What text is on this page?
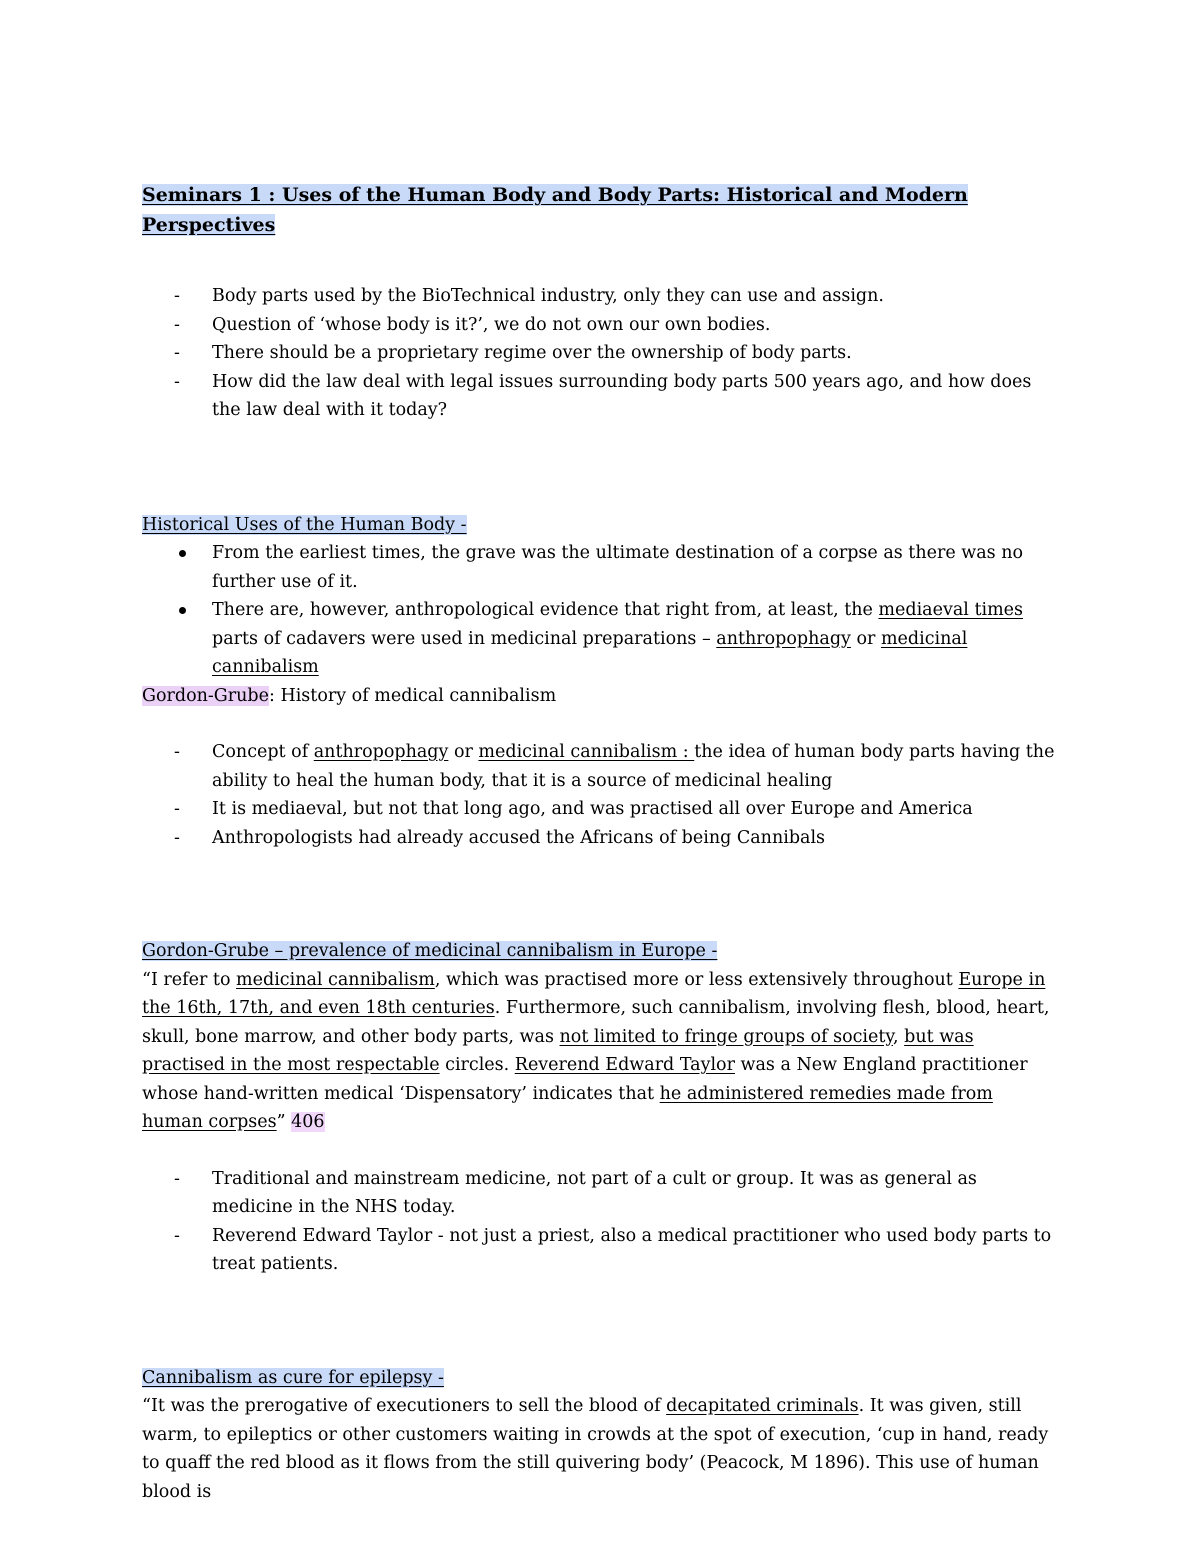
Seminars 1 : Uses of the Human Body and Body Parts: Historical and Modern Perspectives

- Body parts used by the BioTechnical industry, only they can use and assign.
- Question of ‘whose body is it?’, we do not own our own bodies.
- There should be a proprietary regime over the ownership of body parts.
- How did the law deal with legal issues surrounding body parts 500 years ago, and how does the law deal with it today?

Historical Uses of the Human Body -

From the earliest times, the grave was the ultimate destination of a corpse as there was no further use of it.
There are, however, anthropological evidence that right from, at least, the mediaeval times parts of cadavers were used in medicinal preparations – anthropophagy or medicinal cannibalism

Gordon-Grube: History of medical cannibalism

- Concept of anthropophagy or medicinal cannibalism : the idea of human body parts having the ability to heal the human body, that it is a source of medicinal healing
- It is mediaeval, but not that long ago, and was practised all over Europe and America
- Anthropologists had already accused the Africans of being Cannibals

Gordon-Grube – prevalence of medicinal cannibalism in Europe -

“I refer to medicinal cannibalism, which was practised more or less extensively throughout Europe in the 16th, 17th, and even 18th centuries. Furthermore, such cannibalism, involving flesh, blood, heart, skull, bone marrow, and other body parts, was not limited to fringe groups of society, but was practised in the most respectable circles. Reverend Edward Taylor was a New England practitioner whose hand-written medical ‘Dispensatory’ indicates that he administered remedies made from human corpses” 406

- Traditional and mainstream medicine, not part of a cult or group. It was as general as medicine in the NHS today.
- Reverend Edward Taylor - not just a priest, also a medical practitioner who used body parts to treat patients.

Cannibalism as cure for epilepsy -

“It was the prerogative of executioners to sell the blood of decapitated criminals. It was given, still warm, to epileptics or other customers waiting in crowds at the spot of execution, ‘cup in hand, ready to quaff the red blood as it flows from the still quivering body’ (Peacock, M 1896). This use of human blood is
